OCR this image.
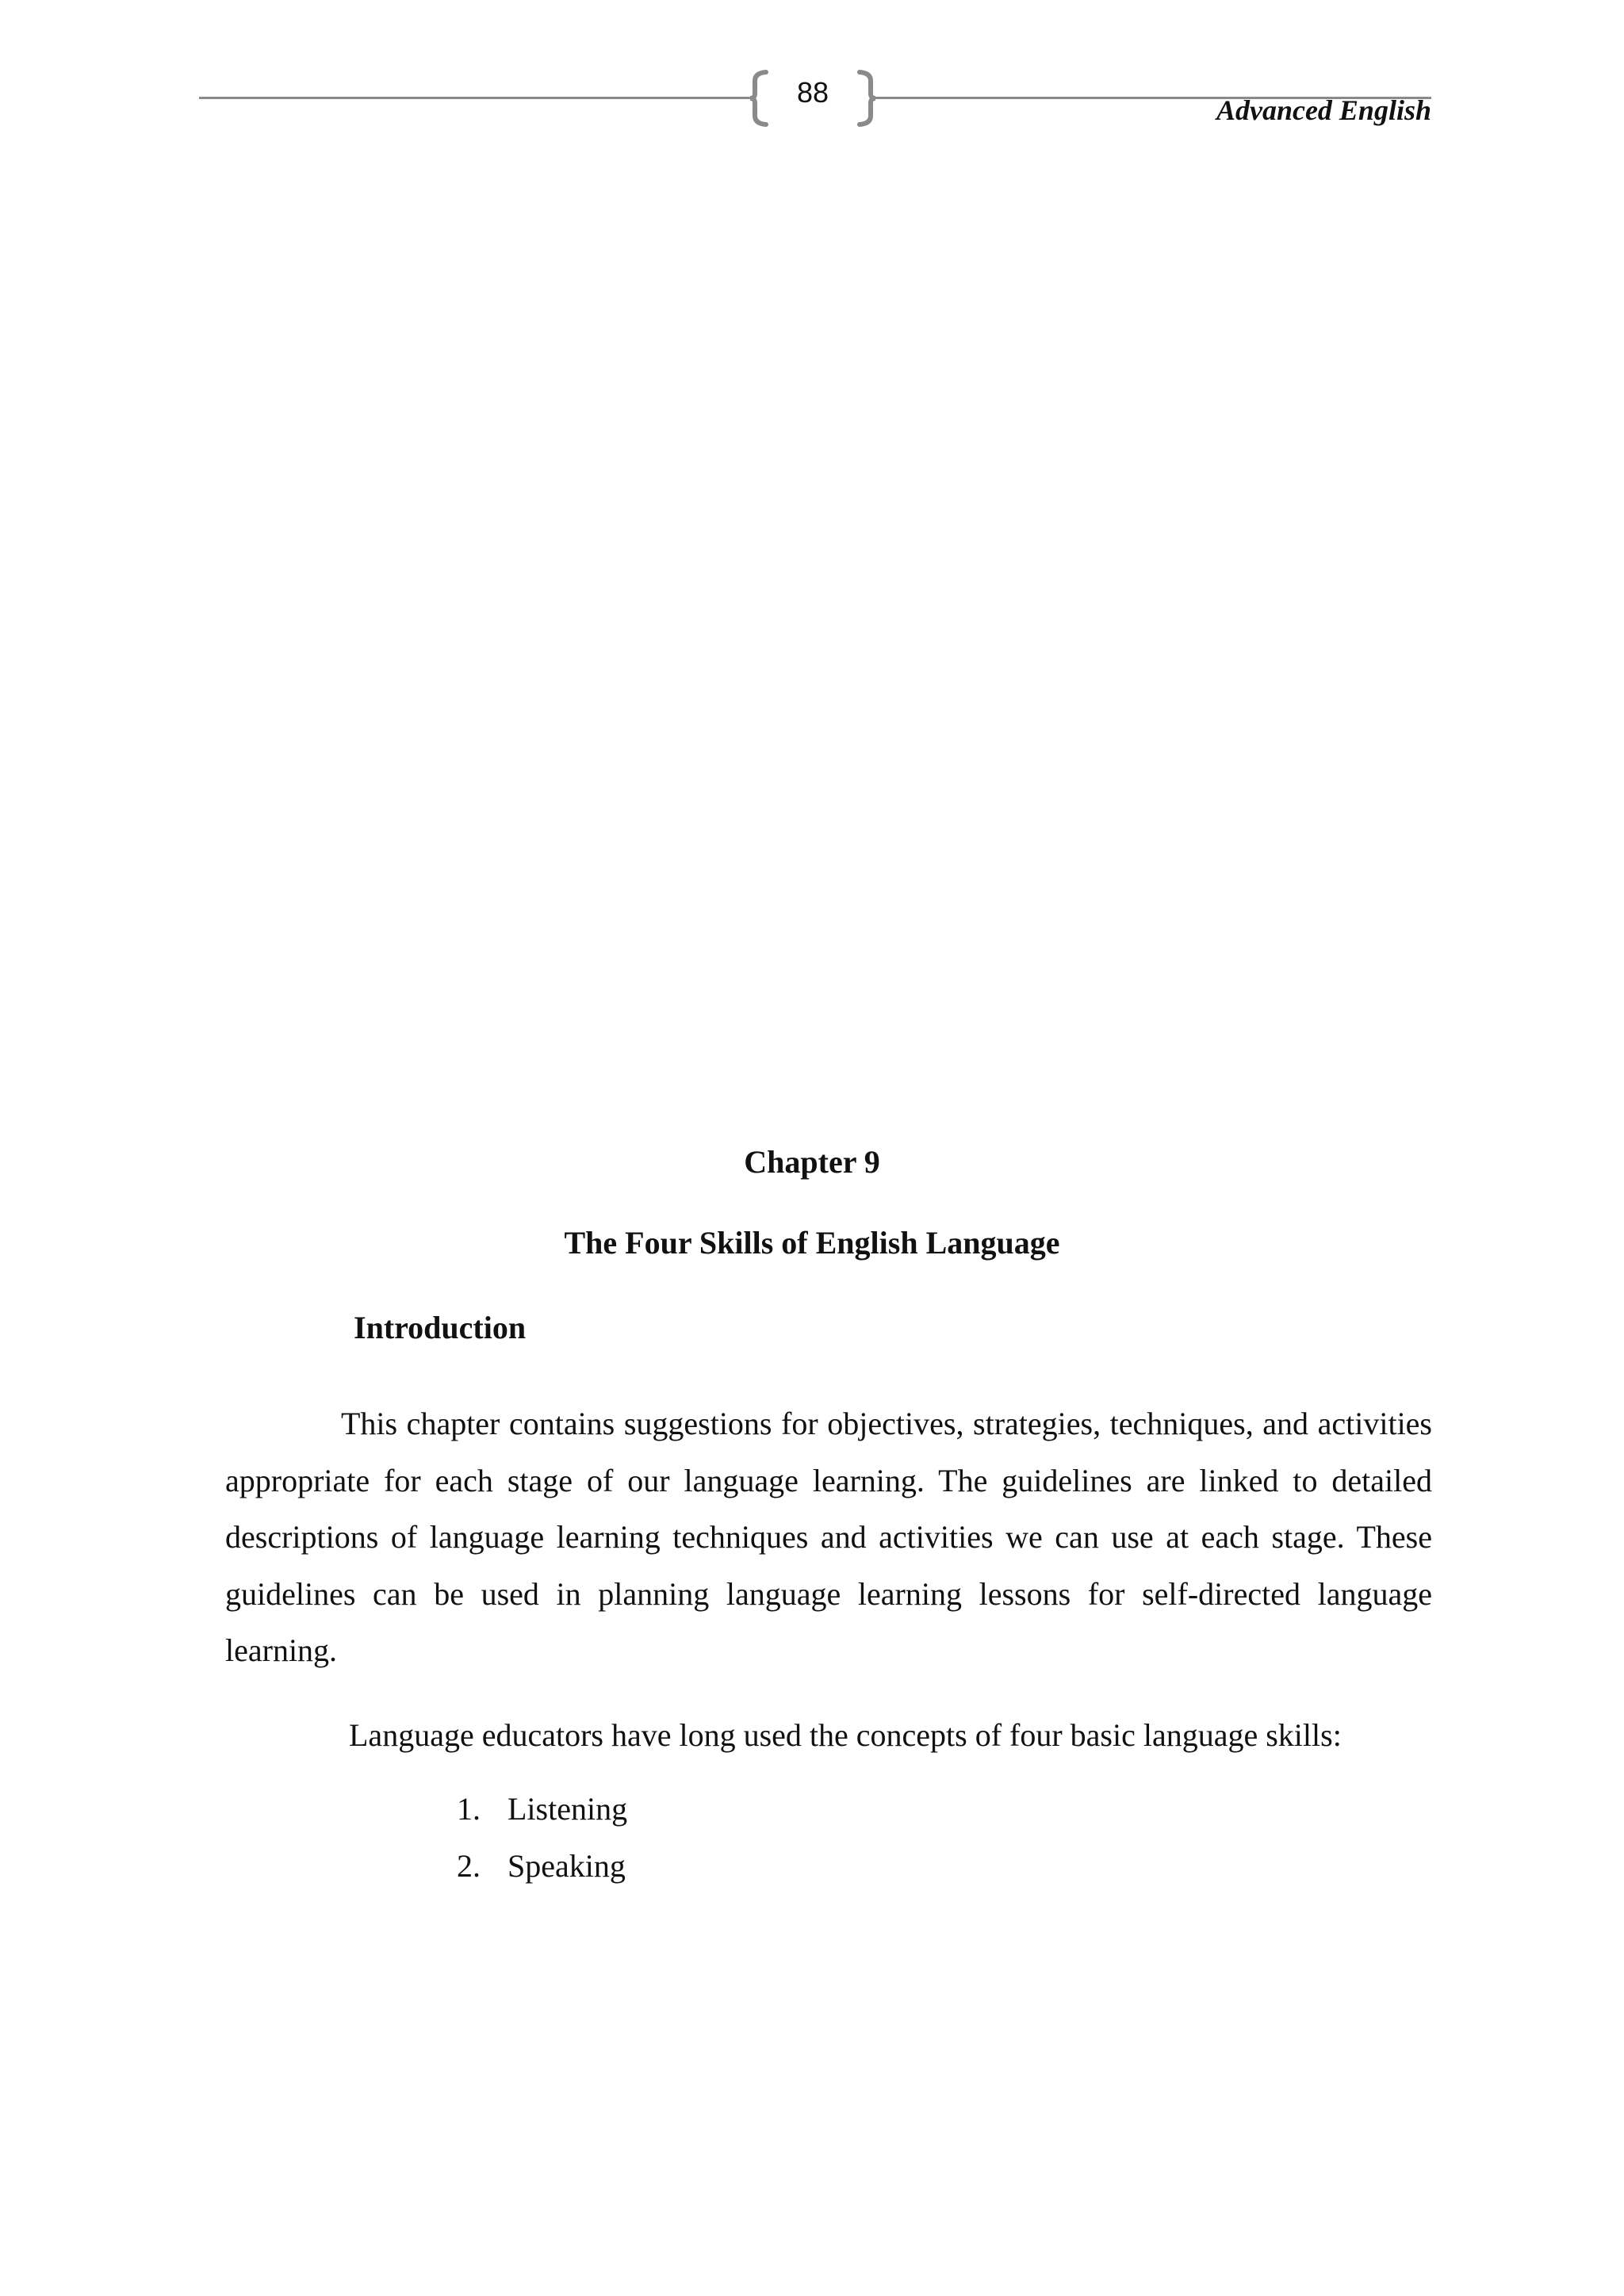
88
Advanced English
Chapter 9
The Four Skills of English Language
Introduction

This chapter contains suggestions for objectives, strategies, techniques, and activities appropriate for each stage of our language learning. The guidelines are linked to detailed descriptions of language learning techniques and activities we can use at each stage. These guidelines can be used in planning language learning lessons for self-directed language learning.

Language educators have long used the concepts of four basic language skills:

1. Listening
2. Speaking
